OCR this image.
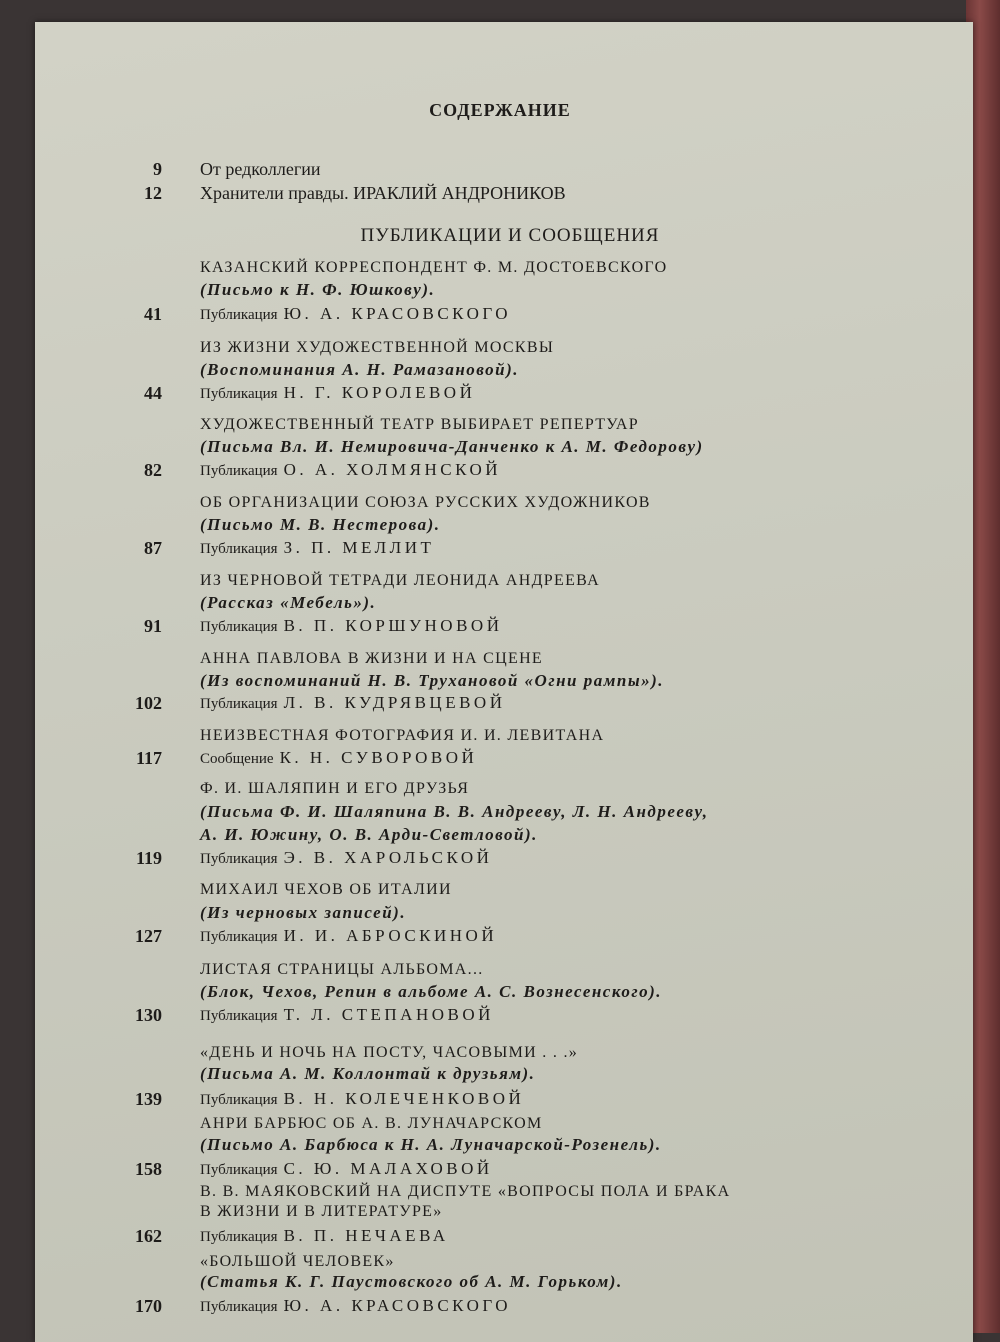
СОДЕРЖАНИЕ
9 От редколлегии
12 Хранители правды. ИРАКЛИЙ АНДРОНИКОВ
ПУБЛИКАЦИИ И СООБЩЕНИЯ
КАЗАНСКИЙ КОРРЕСПОНДЕНТ Ф. М. ДОСТОЕВСКОГО
(Письмо к Н. Ф. Юшкову).
41	Публикация Ю. А. КРАСОВСКОГО
ИЗ ЖИЗНИ ХУДОЖЕСТВЕННОЙ МОСКВЫ
(Воспоминания А. Н. Рамазановой).
44	Публикация Н. Г. КОРОЛЕВОЙ
ХУДОЖЕСТВЕННЫЙ ТЕАТР ВЫБИРАЕТ РЕПЕРТУАР
(Письма Вл. И. Немировича-Данченко к А. М. Федорову)
82	Публикация О. А. ХОЛМЯНСКОЙ
ОБ ОРГАНИЗАЦИИ СОЮЗА РУССКИХ ХУДОЖНИКОВ
(Письмо М. В. Нестерова).
87	Публикация З. П. МЕЛЛИТ
ИЗ ЧЕРНОВОЙ ТЕТРАДИ ЛЕОНИДА АНДРЕЕВА
(Рассказ «Мебель»).
91	Публикация В. П. КОРШУНОВОЙ
АННА ПАВЛОВА В ЖИЗНИ И НА СЦЕНЕ
(Из воспоминаний Н. В. Трухановой «Огни рампы»).
102	Публикация Л. В. КУДРЯВЦЕВОЙ
НЕИЗВЕСТНАЯ ФОТОГРАФИЯ И. И. ЛЕВИТАНА
117	Сообщение К. Н. СУВОРОВОЙ
Ф. И. ШАЛЯПИН И ЕГО ДРУЗЬЯ
(Письма Ф. И. Шаляпина В. В. Андрееву, Л. Н. Андрееву,
А. И. Южину, О. В. Арди-Светловой).
119	Публикация Э. В. ХАРОЛЬСКОЙ
МИХАИЛ ЧЕХОВ ОБ ИТАЛИИ
(Из черновых записей).
127	Публикация И. И. АБРОСКИНОЙ
ЛИСТАЯ СТРАНИЦЫ АЛЬБОМА...
(Блок, Чехов, Репин в альбоме А. С. Вознесенского).
130	Публикация Т. Л. СТЕПАНОВОЙ
«ДЕНЬ И НОЧЬ НА ПОСТУ, ЧАСОВЫМИ . . .»
(Письма А. М. Коллонтай к друзьям).
139	Публикация В. Н. КОЛЕЧЕНКОВОЙ
АНРИ БАРБЮС ОБ А. В. ЛУНАЧАРСКОМ
(Письмо А. Барбюса к Н. А. Луначарской-Розенель).
158	Публикация С. Ю. МАЛАХОВОЙ
В. В. МАЯКОВСКИЙ НА ДИСПУТЕ «ВОПРОСЫ ПОЛА И БРАКА
В ЖИЗНИ И В ЛИТЕРАТУРЕ»
162	Публикация В. П. НЕЧАЕВА
«БОЛЬШОЙ ЧЕЛОВЕК»
(Статья К. Г. Паустовского об А. М. Горьком).
170	Публикация Ю. А. КРАСОВСКОГО
